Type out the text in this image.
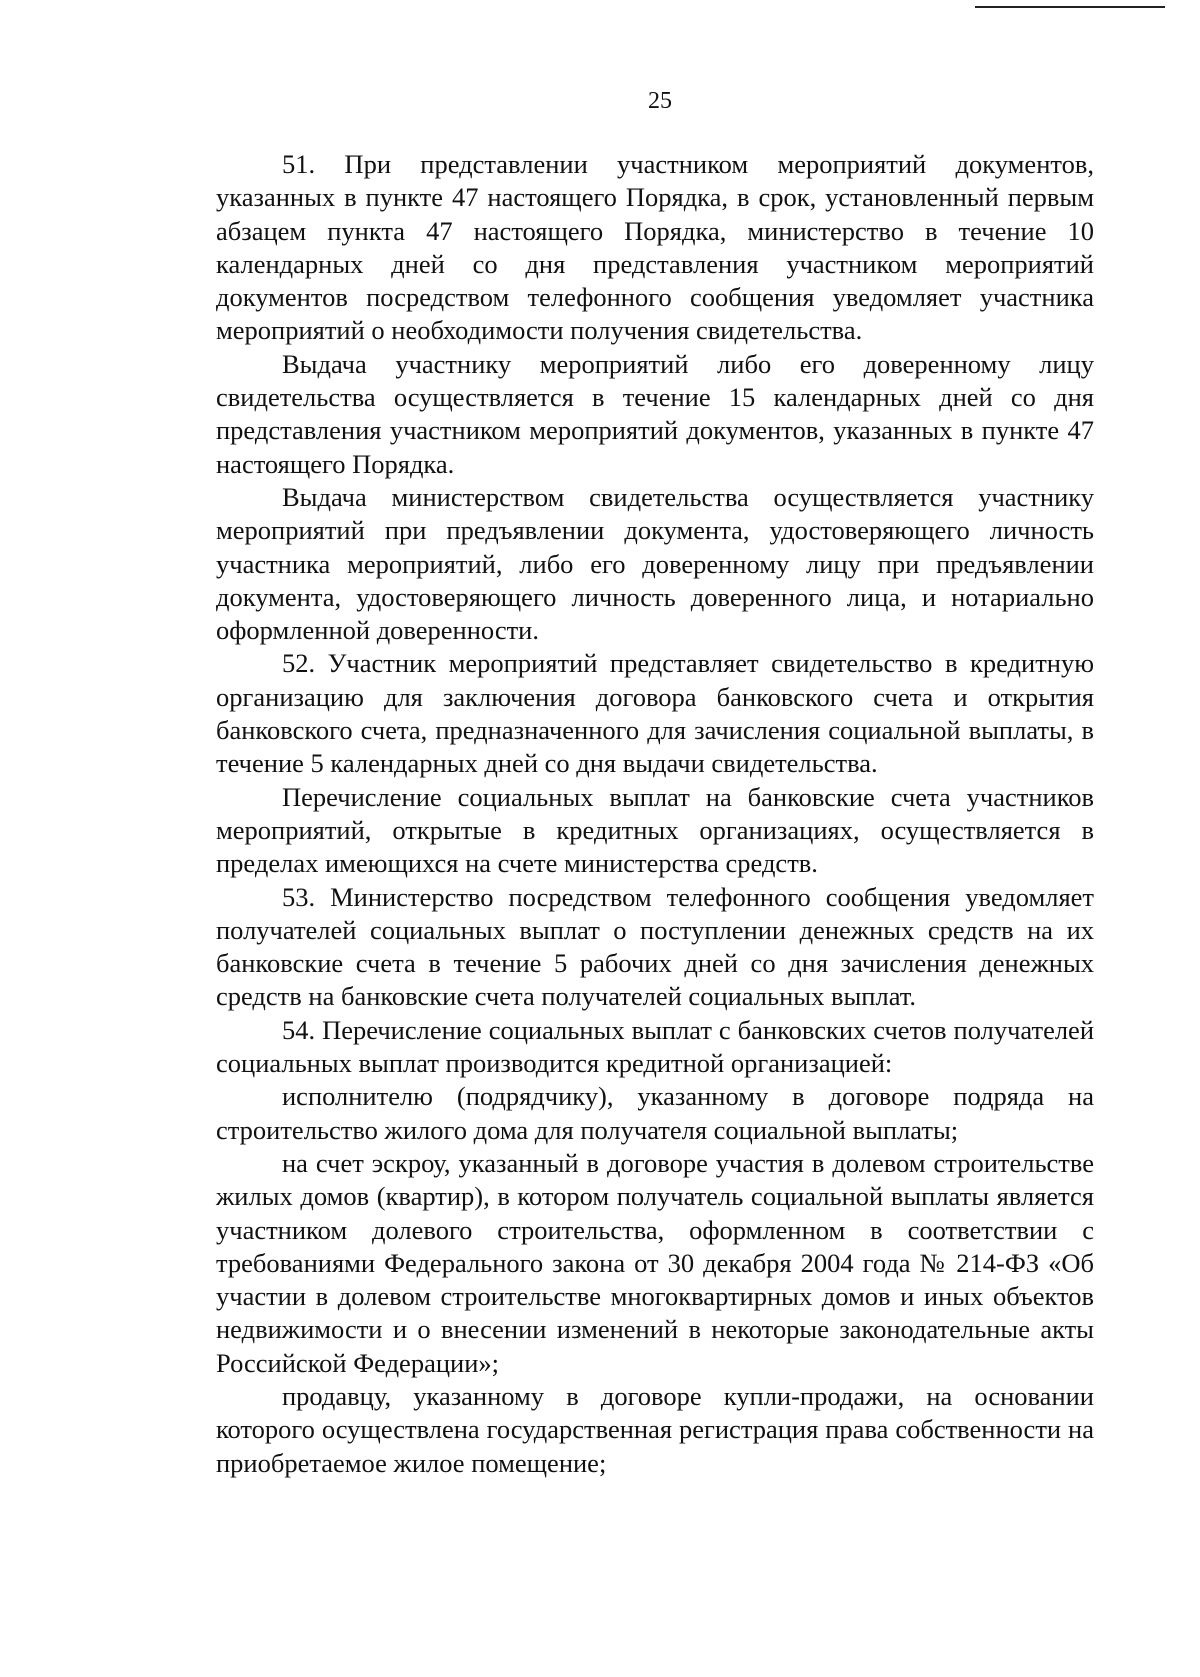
25

51. При представлении участником мероприятий документов, указанных в пункте 47 настоящего Порядка, в срок, установленный первым абзацем пункта 47 настоящего Порядка, министерство в течение 10 календарных дней со дня представления участником мероприятий документов посредством телефонного сообщения уведомляет участника мероприятий о необходимости получения свидетельства.

Выдача участнику мероприятий либо его доверенному лицу свидетельства осуществляется в течение 15 календарных дней со дня представления участником мероприятий документов, указанных в пункте 47 настоящего Порядка.

Выдача министерством свидетельства осуществляется участнику мероприятий при предъявлении документа, удостоверяющего личность участника мероприятий, либо его доверенному лицу при предъявлении документа, удостоверяющего личность доверенного лица, и нотариально оформленной доверенности.

52. Участник мероприятий представляет свидетельство в кредитную организацию для заключения договора банковского счета и открытия банковского счета, предназначенного для зачисления социальной выплаты, в течение 5 календарных дней со дня выдачи свидетельства.

Перечисление социальных выплат на банковские счета участников мероприятий, открытые в кредитных организациях, осуществляется в пределах имеющихся на счете министерства средств.

53. Министерство посредством телефонного сообщения уведомляет получателей социальных выплат о поступлении денежных средств на их банковские счета в течение 5 рабочих дней со дня зачисления денежных средств на банковские счета получателей социальных выплат.

54. Перечисление социальных выплат с банковских счетов получателей социальных выплат производится кредитной организацией:

исполнителю (подрядчику), указанному в договоре подряда на строительство жилого дома для получателя социальной выплаты;

на счет эскроу, указанный в договоре участия в долевом строительстве жилых домов (квартир), в котором получатель социальной выплаты является участником долевого строительства, оформленном в соответствии с требованиями Федерального закона от 30 декабря 2004 года № 214-ФЗ «Об участии в долевом строительстве многоквартирных домов и иных объектов недвижимости и о внесении изменений в некоторые законодательные акты Российской Федерации»;

продавцу, указанному в договоре купли-продажи, на основании которого осуществлена государственная регистрация права собственности на приобретаемое жилое помещение;
